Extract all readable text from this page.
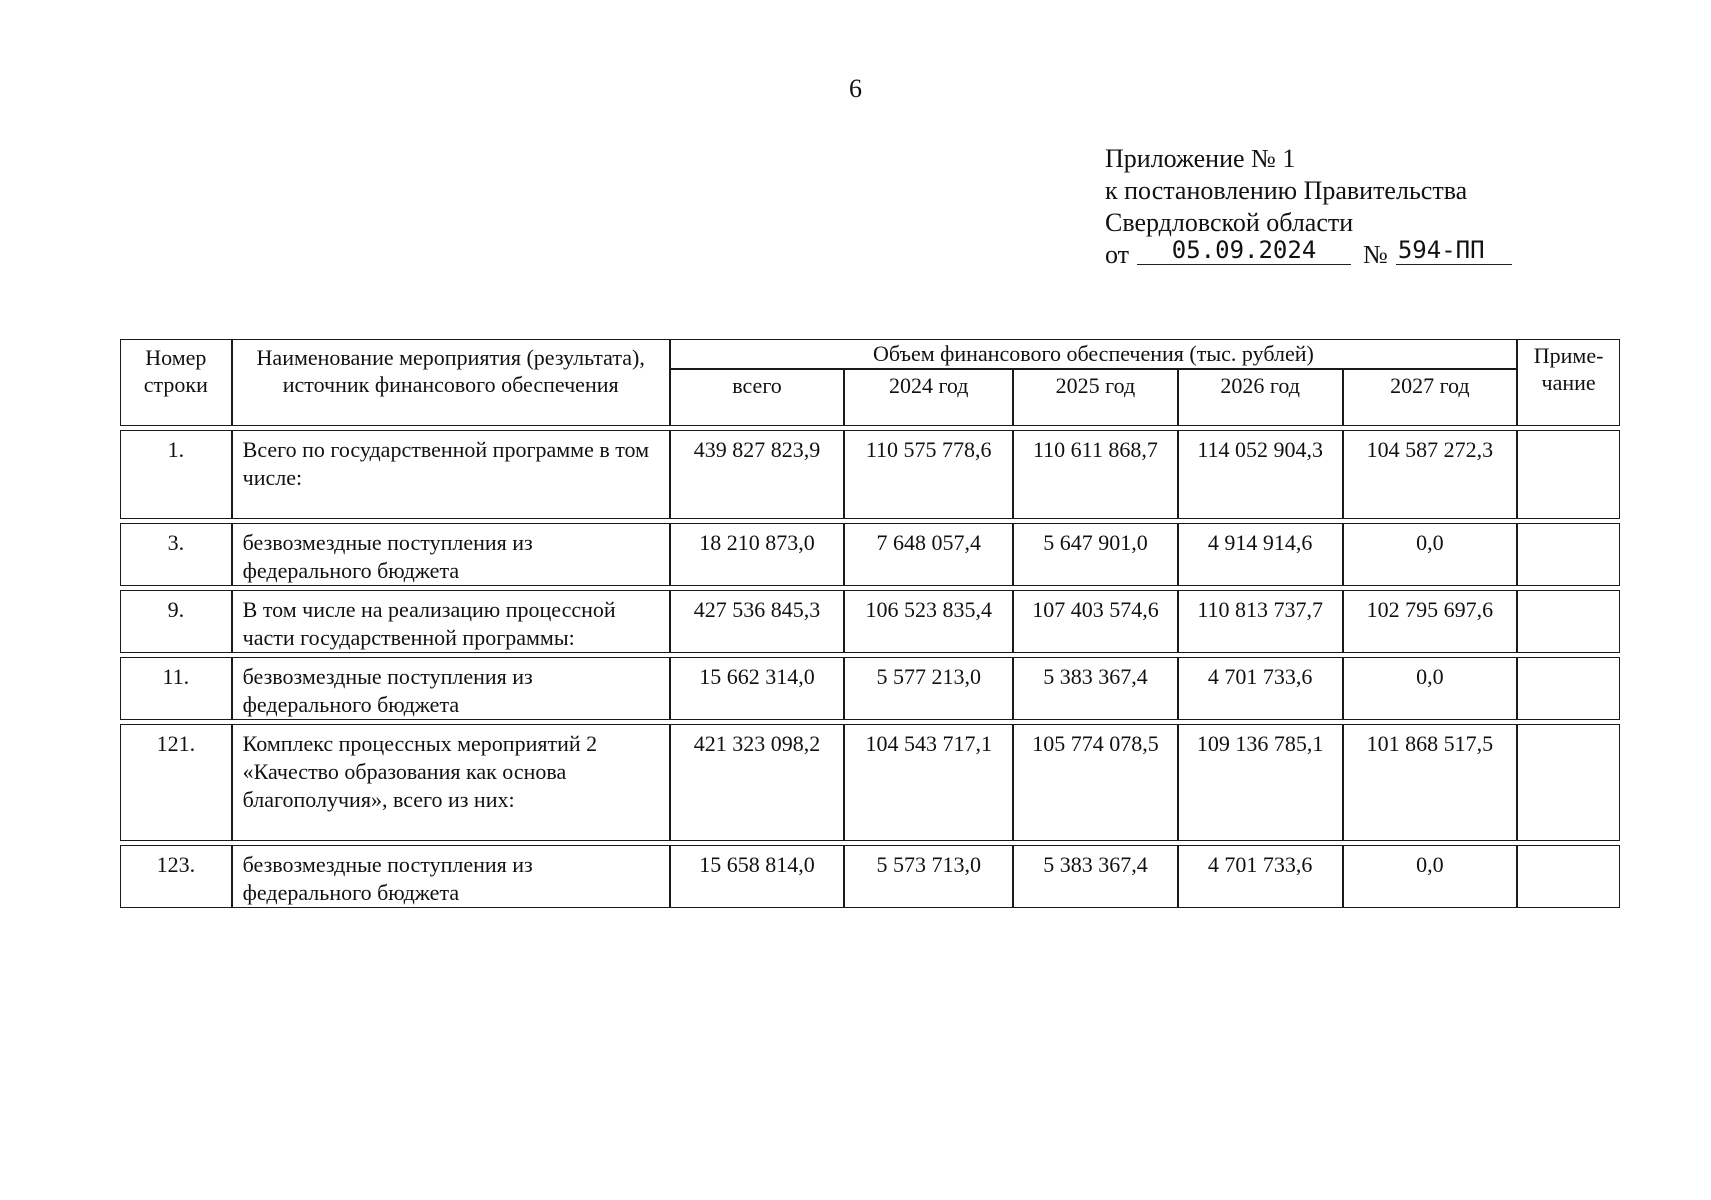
6
Приложение № 1
к постановлению Правительства
Свердловской области
от	05.09.2024	№ 594-ПП
Номер строки	Наименование мероприятия (результата), источник финансового обеспечения	Объем финансового обеспечения (тыс. рублей)					Приме-чание
		всего	2024 год	2025 год	2026 год	2027 год	

1.	Всего по государственной программе в том числе:	439 827 823,9	110 575 778,6	110 611 868,7	114 052 904,3	104 587 272,3	

3.	безвозмездные поступления из федерального бюджета	18 210 873,0	7 648 057,4	5 647 901,0	4 914 914,6	0,0	

9.	В том числе на реализацию процессной части государственной программы:	427 536 845,3	106 523 835,4	107 403 574,6	110 813 737,7	102 795 697,6	

11.	безвозмездные поступления из федерального бюджета	15 662 314,0	5 577 213,0	5 383 367,4	4 701 733,6	0,0	

121.	Комплекс процессных мероприятий 2 «Качество образования как основа благополучия», всего из них:	421 323 098,2	104 543 717,1	105 774 078,5	109 136 785,1	101 868 517,5	

123.	безвозмездные поступления из федерального бюджета	15 658 814,0	5 573 713,0	5 383 367,4	4 701 733,6	0,0	
